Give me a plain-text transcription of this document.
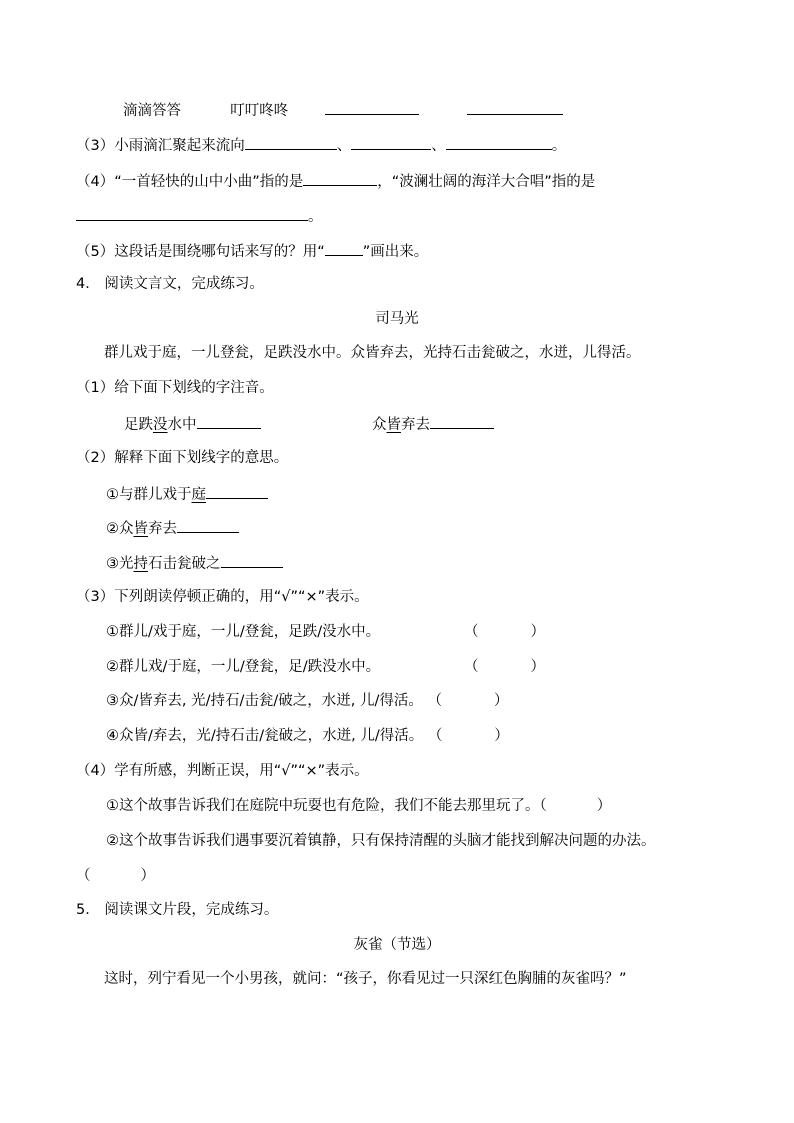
滴滴答答	叮叮咚咚
（3）小雨滴汇聚起来流向	、	、	。
（4）“一首轻快的山中小曲”指的是	，“波澜壮阔的海洋大合唱”指的是
。
（5）这段话是围绕哪句话来写的？用“	”画出来。
4． 阅读文言文，完成练习。
司马光
群儿戏于庭，一儿登瓮，足跌没水中。众皆弃去，光持石击瓮破之，水迸，儿得活。
（1）给下面下划线的字注音。
足跌没水中	众皆弃去
（2）解释下面下划线字的意思。
①与群儿戏于庭
②众皆弃去
③光持石击瓮破之
（3）下列朗读停顿正确的，用“√”“×”表示。
①群儿/戏于庭，一儿/登瓮，足跌/没水中。	（	）
②群儿戏/于庭，一儿/登瓮，足/跌没水中。	（	）
③众/皆弃去, 光/持石/击瓮/破之，水迸, 儿/得活。 （	）
④众皆/弃去，光/持石击/瓮破之，水迸, 儿/得活。 （	）
（4）学有所感，判断正误，用“√”“×”表示。
①这个故事告诉我们在庭院中玩耍也有危险，我们不能去那里玩了。（	）
②这个故事告诉我们遇事要沉着镇静，只有保持清醒的头脑才能找到解决问题的办法。
（	）
5． 阅读课文片段，完成练习。
灰雀（节选）
这时，列宁看见一个小男孩，就问：“孩子，你看见过一只深红色胸脯的灰雀吗？”
